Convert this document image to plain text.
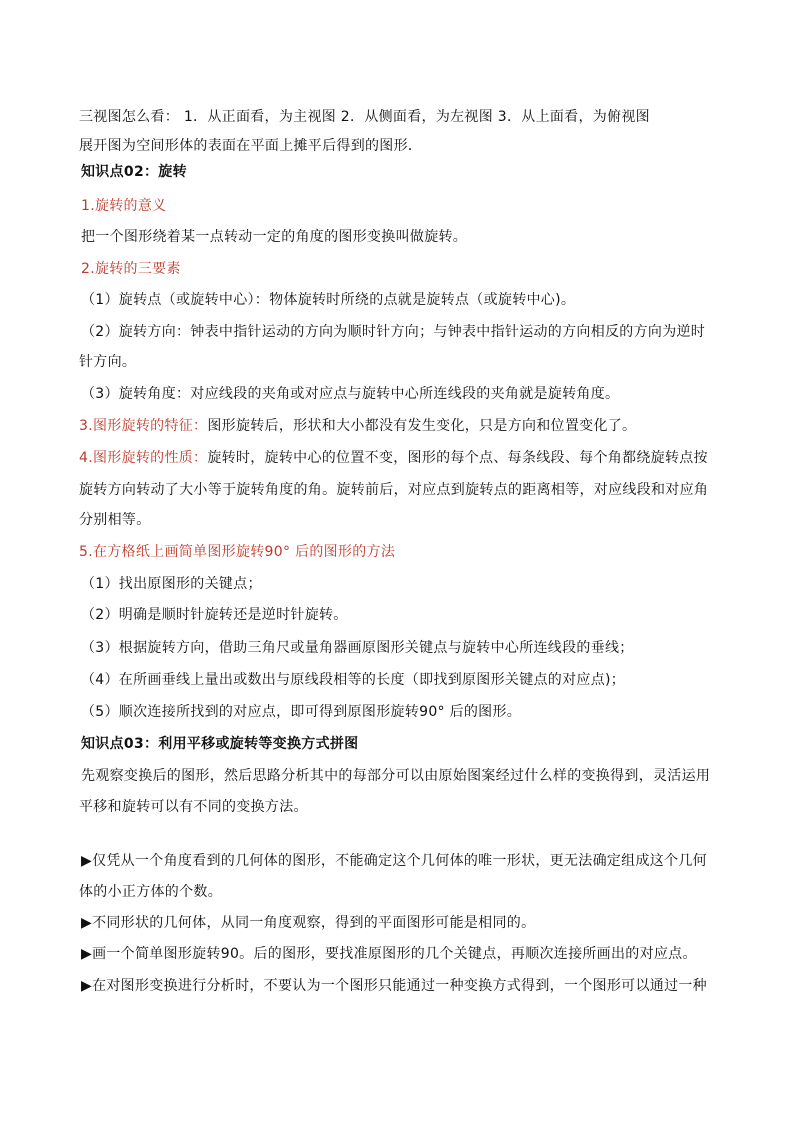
三视图怎么看： 1．从正面看，为主视图 2．从侧面看，为左视图 3．从上面看，为俯视图
展开图为空间形体的表面在平面上摊平后得到的图形．
知识点02：旋转
1.旋转的意义
把一个图形绕着某一点转动一定的角度的图形变换叫做旋转。
2.旋转的三要素
（1）旋转点（或旋转中心）：物体旋转时所绕的点就是旋转点（或旋转中心)。
（2）旋转方向：钟表中指针运动的方向为顺时针方向；与钟表中指针运动的方向相反的方向为逆时
针方向。
（3）旋转角度：对应线段的夹角或对应点与旋转中心所连线段的夹角就是旋转角度。
3.图形旋转的特征：图形旋转后，形状和大小都没有发生变化，只是方向和位置变化了。
4.图形旋转的性质：旋转时，旋转中心的位置不变，图形的每个点、每条线段、每个角都绕旋转点按
旋转方向转动了大小等于旋转角度的角。旋转前后，对应点到旋转点的距离相等，对应线段和对应角
分别相等。
5.在方格纸上画简单图形旋转90° 后的图形的方法
（1）找出原图形的关键点；
（2）明确是顺时针旋转还是逆时针旋转。
（3）根据旋转方向，借助三角尺或量角器画原图形关键点与旋转中心所连线段的垂线；
（4）在所画垂线上量出或数出与原线段相等的长度（即找到原图形关键点的对应点)；
（5）顺次连接所找到的对应点，即可得到原图形旋转90° 后的图形。
知识点03：利用平移或旋转等变换方式拼图
先观察变换后的图形，然后思路分析其中的每部分可以由原始图案经过什么样的变换得到，灵活运用
平移和旋转可以有不同的变换方法。
▶仅凭从一个角度看到的几何体的图形，不能确定这个几何体的唯一形状，更无法确定组成这个几何
体的小正方体的个数。
▶不同形状的几何体，从同一角度观察，得到的平面图形可能是相同的。
▶画一个简单图形旋转90。后的图形，要找准原图形的几个关键点，再顺次连接所画出的对应点。
▶在对图形变换进行分析时，不要认为一个图形只能通过一种变换方式得到，一个图形可以通过一种
